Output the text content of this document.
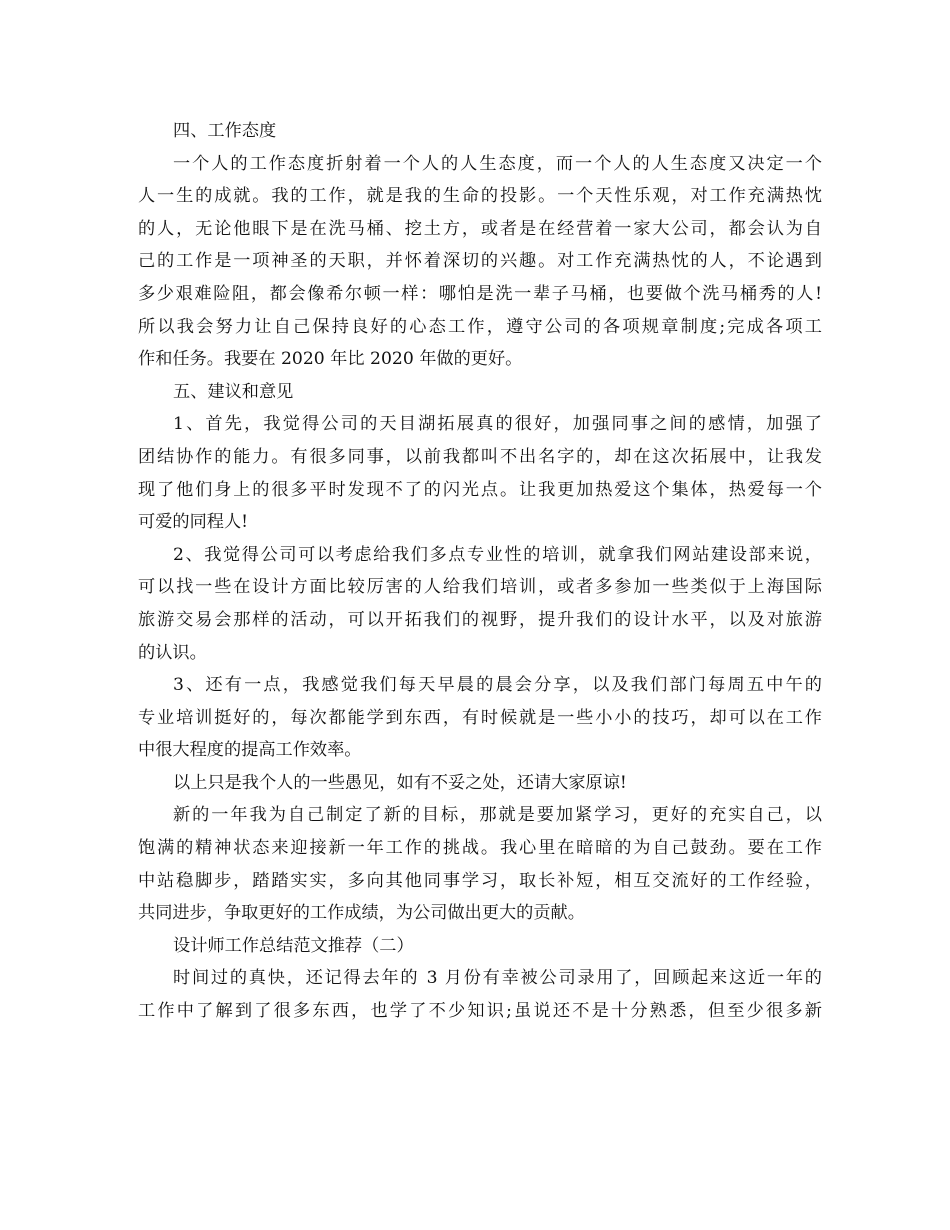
四、工作态度
一个人的工作态度折射着一个人的人生态度，而一个人的人生态度又决定一个
人一生的成就。我的工作，就是我的生命的投影。一个天性乐观，对工作充满热忱
的人，无论他眼下是在洗马桶、挖土方，或者是在经营着一家大公司，都会认为自
己的工作是一项神圣的天职，并怀着深切的兴趣。对工作充满热忱的人，不论遇到
多少艰难险阻，都会像希尔顿一样：哪怕是洗一辈子马桶，也要做个洗马桶秀的人!
所以我会努力让自己保持良好的心态工作，遵守公司的各项规章制度;完成各项工
作和任务。我要在 2020 年比 2020 年做的更好。
五、建议和意见
1、首先，我觉得公司的天目湖拓展真的很好，加强同事之间的感情，加强了
团结协作的能力。有很多同事，以前我都叫不出名字的，却在这次拓展中，让我发
现了他们身上的很多平时发现不了的闪光点。让我更加热爱这个集体，热爱每一个
可爱的同程人!
2、我觉得公司可以考虑给我们多点专业性的培训，就拿我们网站建设部来说，
可以找一些在设计方面比较厉害的人给我们培训，或者多参加一些类似于上海国际
旅游交易会那样的活动，可以开拓我们的视野，提升我们的设计水平，以及对旅游
的认识。
3、还有一点，我感觉我们每天早晨的晨会分享，以及我们部门每周五中午的
专业培训挺好的，每次都能学到东西，有时候就是一些小小的技巧，却可以在工作
中很大程度的提高工作效率。
以上只是我个人的一些愚见，如有不妥之处，还请大家原谅!
新的一年我为自己制定了新的目标，那就是要加紧学习，更好的充实自己，以
饱满的精神状态来迎接新一年工作的挑战。我心里在暗暗的为自己鼓劲。要在工作
中站稳脚步，踏踏实实，多向其他同事学习，取长补短，相互交流好的工作经验，
共同进步，争取更好的工作成绩，为公司做出更大的贡献。
设计师工作总结范文推荐（二）
时间过的真快，还记得去年的 3 月份有幸被公司录用了，回顾起来这近一年的
工作中了解到了很多东西，也学了不少知识;虽说还不是十分熟悉，但至少很多新
